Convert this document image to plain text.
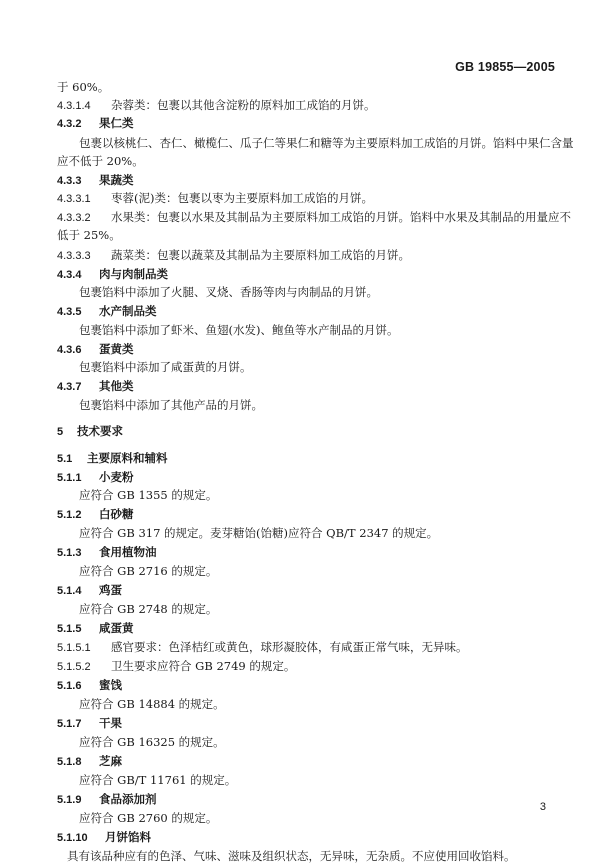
GB 19855—2005
于 60%。
4.3.1.4 杂蓉类：包裹以其他含淀粉的原料加工成馅的月饼。
4.3.2 果仁类
包裹以核桃仁、杏仁、橄榄仁、瓜子仁等果仁和糖等为主要原料加工成馅的月饼。馅料中果仁含量
应不低于 20%。
4.3.3 果蔬类
4.3.3.1 枣蓉(泥)类：包裹以枣为主要原料加工成馅的月饼。
4.3.3.2 水果类：包裹以水果及其制品为主要原料加工成馅的月饼。馅料中水果及其制品的用量应不
低于 25%。
4.3.3.3 蔬菜类：包裹以蔬菜及其制品为主要原料加工成馅的月饼。
4.3.4 肉与肉制品类
包裹馅料中添加了火腿、叉烧、香肠等肉与肉制品的月饼。
4.3.5 水产制品类
包裹馅料中添加了虾米、鱼翅(水发)、鲍鱼等水产制品的月饼。
4.3.6 蛋黄类
包裹馅料中添加了咸蛋黄的月饼。
4.3.7 其他类
包裹馅料中添加了其他产品的月饼。
5 技术要求
5.1 主要原料和辅料
5.1.1 小麦粉
应符合 GB 1355 的规定。
5.1.2 白砂糖
应符合 GB 317 的规定。麦芽糖饴(饴糖)应符合 QB/T 2347 的规定。
5.1.3 食用植物油
应符合 GB 2716 的规定。
5.1.4 鸡蛋
应符合 GB 2748 的规定。
5.1.5 咸蛋黄
5.1.5.1 感官要求：色泽桔红或黄色，球形凝胶体，有咸蛋正常气味，无异味。
5.1.5.2 卫生要求应符合 GB 2749 的规定。
5.1.6 蜜饯
应符合 GB 14884 的规定。
5.1.7 干果
应符合 GB 16325 的规定。
5.1.8 芝麻
应符合 GB/T 11761 的规定。
5.1.9 食品添加剂
应符合 GB 2760 的规定。
5.1.10 月饼馅料
具有该品种应有的色泽、气味、滋味及组织状态，无异味，无杂质。不应使用回收馅料。
3
